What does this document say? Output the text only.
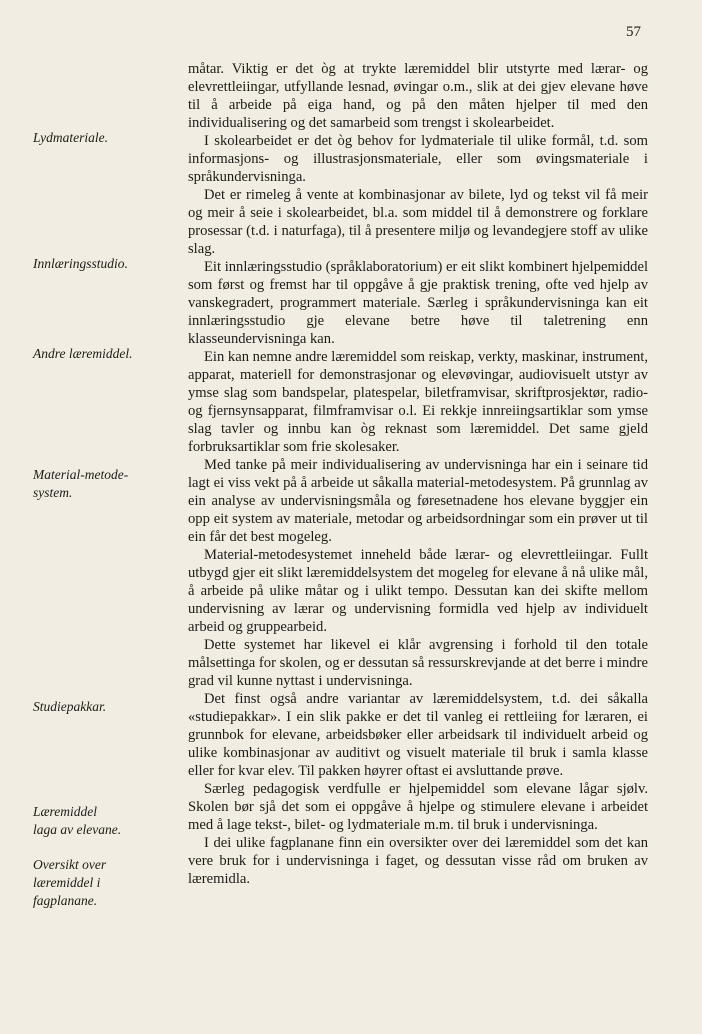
57
Lydmateriale.
Innlæringsstudio.
Andre læremiddel.
Material-metode-
system.
Studiepakkar.
Læremiddel
laga av elevane.
Oversikt over læremiddel i fagplanane.

måtar. Viktig er det òg at trykte læremiddel blir utstyrte med lærar- og elevrettleiingar, utfyllande lesnad, øvingar o.m., slik at dei gjev elevane høve til å arbeide på eiga hand, og på den måten hjelper til med den individualisering og det samarbeid som trengst i skolearbeidet.

I skolearbeidet er det òg behov for lydmateriale til ulike formål, t.d. som informasjons- og illustrasjonsmateriale, eller som øvingsmateriale i språkundervisninga.

Det er rimeleg å vente at kombinasjonar av bilete, lyd og tekst vil få meir og meir å seie i skolearbeidet, bl.a. som middel til å demonstrere og forklare prosessar (t.d. i naturfaga), til å presentere miljø og levandegjere stoff av ulike slag.

Eit innlæringsstudio (språklaboratorium) er eit slikt kombinert hjelpemiddel som først og fremst har til oppgåve å gje praktisk trening, ofte ved hjelp av vanskegradert, programmert materiale. Særleg i språkundervisninga kan eit innlæringsstudio gje elevane betre høve til taletrening enn klasseundervisninga kan.

Ein kan nemne andre læremiddel som reiskap, verkty, maskinar, instrument, apparat, materiell for demonstrasjonar og elevøvingar, audiovisuelt utstyr av ymse slag som bandspelar, platespelar, biletframvisar, skriftprosjektør, radio- og fjernsynsapparat, filmframvisar o.l. Ei rekkje innreiingsartiklar som ymse slag tavler og innbu kan òg reknast som læremiddel. Det same gjeld forbruksartiklar som frie skolesaker.

Med tanke på meir individualisering av undervisninga har ein i seinare tid lagt ei viss vekt på å arbeide ut såkalla material-metodesystem. På grunnlag av ein analyse av undervisningsmåla og føresetnadene hos elevane byggjer ein opp eit system av materiale, metodar og arbeidsordningar som ein prøver ut til ein får det best mogeleg.

Material-metodesystemet inneheld både lærar- og elevrettleiingar. Fullt utbygd gjer eit slikt læremiddelsystem det mogeleg for elevane å nå ulike mål, å arbeide på ulike måtar og i ulikt tempo. Dessutan kan dei skifte mellom undervisning av lærar og undervisning formidla ved hjelp av individuelt arbeid og gruppearbeid.

Dette systemet har likevel ei klår avgrensing i forhold til den totale målsettinga for skolen, og er dessutan så ressurskrevjande at det berre i mindre grad vil kunne nyttast i undervisninga.

Det finst også andre variantar av læremiddelsystem, t.d. dei såkalla «studiepakkar». I ein slik pakke er det til vanleg ei rettleiing for læraren, ei grunnbok for elevane, arbeidsbøker eller arbeidsark til individuelt arbeid og ulike kombinasjonar av auditivt og visuelt materiale til bruk i samla klasse eller for kvar elev. Til pakken høyrer oftast ei avsluttande prøve.

Særleg pedagogisk verdfulle er hjelpemiddel som elevane lågar sjølv. Skolen bør sjå det som ei oppgåve å hjelpe og stimulere elevane i arbeidet med å lage tekst-, bilet- og lydmateriale m.m. til bruk i undervisninga.

I dei ulike fagplanane finn ein oversikter over dei læremiddel som det kan vere bruk for i undervisninga i faget, og dessutan visse råd om bruken av læremidla.
